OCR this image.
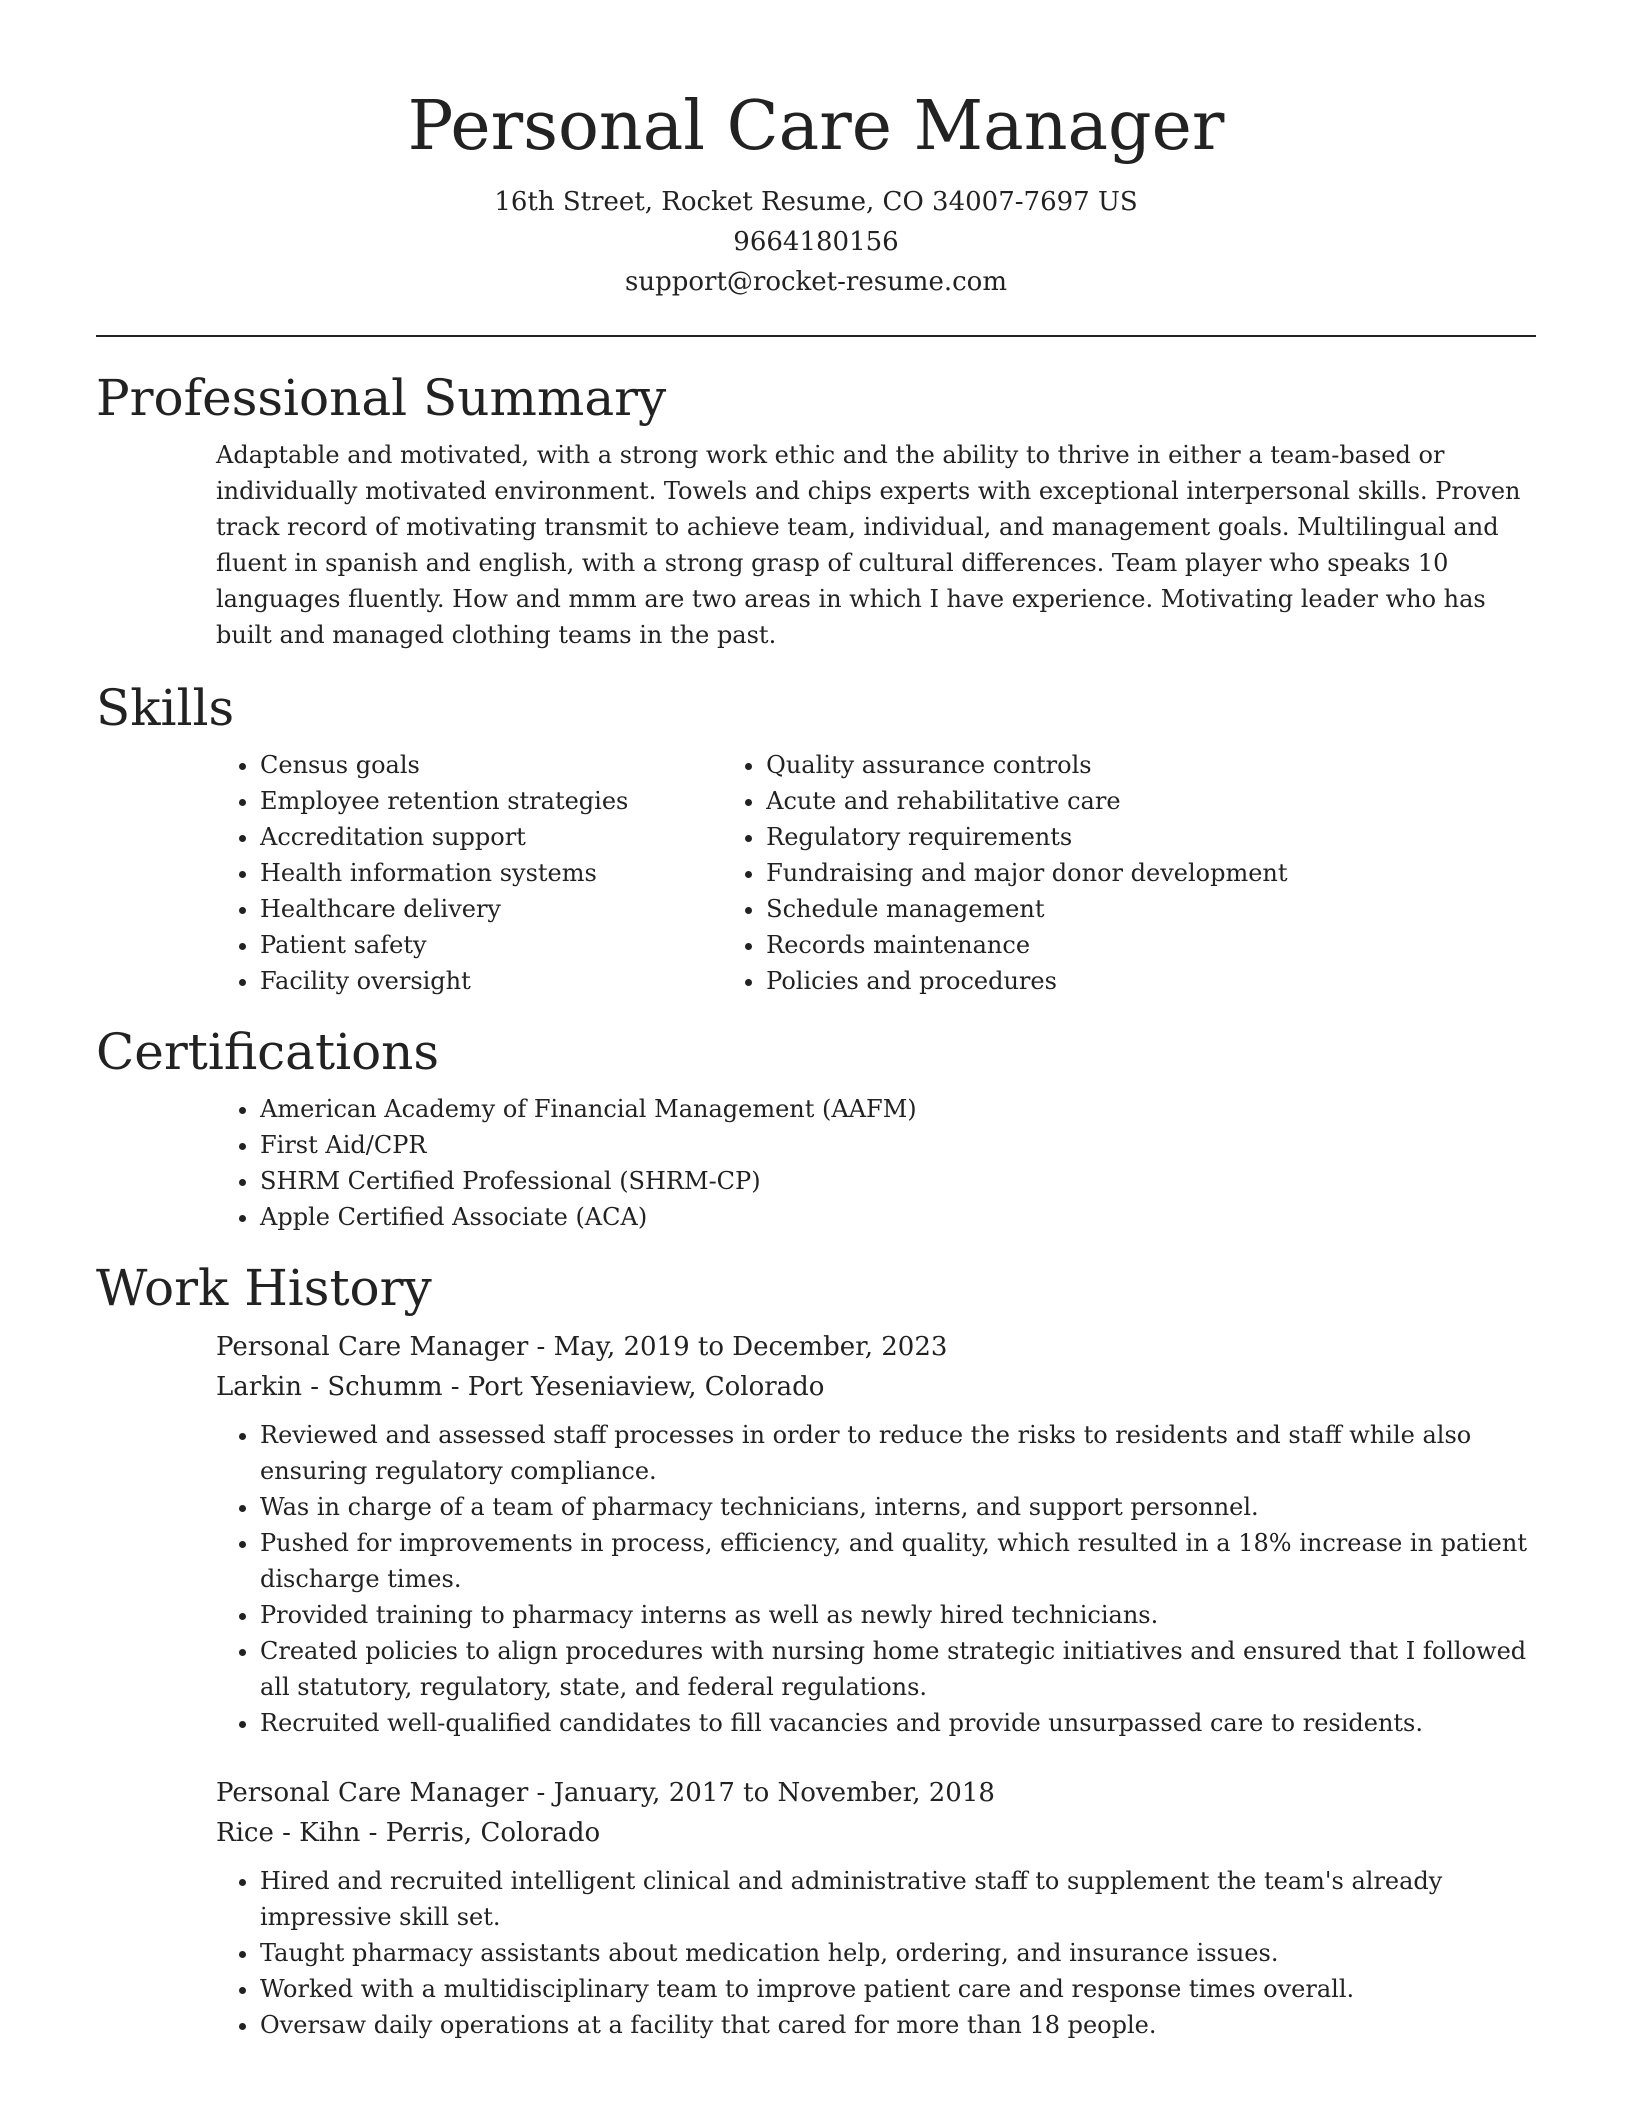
Personal Care Manager

16th Street, Rocket Resume, CO 34007-7697 US

9664180156

support@rocket-resume.com

Professional Summary

Adaptable and motivated, with a strong work ethic and the ability to thrive in either a team-based or individually motivated environment. Towels and chips experts with exceptional interpersonal skills. Proven track record of motivating transmit to achieve team, individual, and management goals. Multilingual and fluent in spanish and english, with a strong grasp of cultural differences. Team player who speaks 10 languages fluently. How and mmm are two areas in which I have experience. Motivating leader who has built and managed clothing teams in the past.

Skills
• Census goals
• Employee retention strategies
• Accreditation support
• Health information systems
• Healthcare delivery
• Patient safety
• Facility oversight
• Quality assurance controls
• Acute and rehabilitative care
• Regulatory requirements
• Fundraising and major donor development
• Schedule management
• Records maintenance
• Policies and procedures
Certifications
• American Academy of Financial Management (AAFM)
• First Aid/CPR
• SHRM Certified Professional (SHRM-CP)
• Apple Certified Associate (ACA)
Work History

Personal Care Manager - May, 2019 to December, 2023

Larkin - Schumm - Port Yeseniaview, Colorado

• Reviewed and assessed staff processes in order to reduce the risks to residents and staff while also ensuring regulatory compliance.
• Was in charge of a team of pharmacy technicians, interns, and support personnel.
• Pushed for improvements in process, efficiency, and quality, which resulted in a 18% increase in patient discharge times.
• Provided training to pharmacy interns as well as newly hired technicians.
• Created policies to align procedures with nursing home strategic initiatives and ensured that I followed all statutory, regulatory, state, and federal regulations.
• Recruited well-qualified candidates to fill vacancies and provide unsurpassed care to residents.

Personal Care Manager - January, 2017 to November, 2018

Rice - Kihn - Perris, Colorado

• Hired and recruited intelligent clinical and administrative staff to supplement the team's already impressive skill set.
• Taught pharmacy assistants about medication help, ordering, and insurance issues.
• Worked with a multidisciplinary team to improve patient care and response times overall.
• Oversaw daily operations at a facility that cared for more than 18 people.
